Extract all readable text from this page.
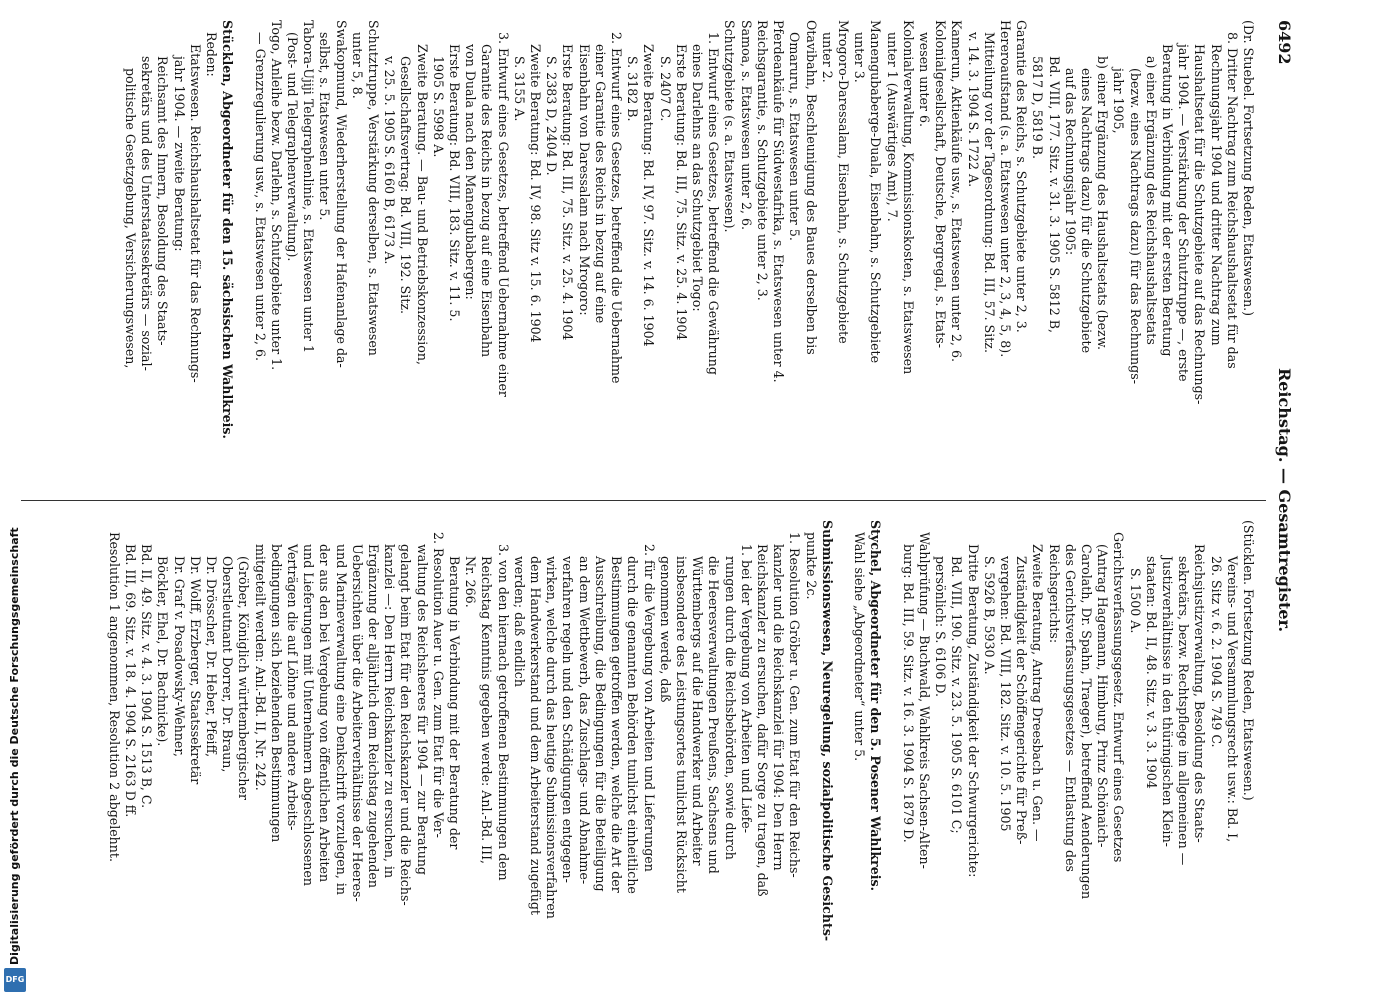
6492
Reichstag. — Gesamtregister.
(Dr. Stuebel. Fortsetzung Reden, Etatswesen.)
8. Dritter Nachtrag zum Reichshaushaltsetat für das
Rechnungsjahr 1904 und dritter Nachtrag zum
Haushaltsetat für die Schutzgebiete auf das Rechnungs-
jahr 1904. — Verstärkung der Schutztruppe —, erste
Beratung in Verbindung mit der ersten Beratung
a) einer Ergänzung des Reichshaushaltsetats
(bezw. eines Nachtrags dazu) für das Rechnungs-
jahr 1905,
b) einer Ergänzung des Haushaltsetats (bezw.
eines Nachtrags dazu) für die Schutzgebiete
auf das Rechnungsjahr 1905:
Bd. VIII, 177. Sitz. v. 31. 3. 1905 S. 5812 B,
5817 D, 5819 B.
Garantie des Reichs, s. Schutzgebiete unter 2, 3.
Hereroaufstand (s. a. Etatswesen unter 2, 3, 4, 5, 8).
Mitteilung vor der Tagesordnung: Bd. III, 57. Sitz.
v. 14. 3. 1904 S. 1722 A.
Kamerun, Aktienkäufe usw., s. Etatswesen unter 2, 6.
Kolonialgesellschaft, Deutsche, Bergregal, s. Etats-
wesen unter 6.
Kolonialverwaltung, Kommissionskosten, s. Etatswesen
unter 1 (Auswärtiges Amt), 7.
Manengubaberge-Duala, Eisenbahn, s. Schutzgebiete
unter 3.
Mrogoro-Daressalam, Eisenbahn, s. Schutzgebiete
unter 2.
Otavibahn, Beschleunigung des Baues derselben bis
Omaruru, s. Etatswesen unter 5.
Pferdeankäufe für Südwestafrika, s. Etatswesen unter 4.
Reichsgarantie, s. Schutzgebiete unter 2, 3.
Samoa, s. Etatswesen unter 2, 6.
Schutzgebiete (s. a. Etatswesen).
1. Entwurf eines Gesetzes, betreffend die Gewährung
eines Darlehns an das Schutzgebiet Togo:
Erste Beratung: Bd. III, 75. Sitz. v. 25. 4. 1904
S. 2407 C.
Zweite Beratung: Bd. IV, 97. Sitz. v. 14. 6. 1904
S. 3182 B.
2. Entwurf eines Gesetzes, betreffend die Uebernahme
einer Garantie des Reichs in bezug auf eine
Eisenbahn von Daressalam nach Mrogoro:
Erste Beratung: Bd. III, 75. Sitz. v. 25. 4. 1904
S. 2383 D, 2404 D.
Zweite Beratung: Bd. IV, 98. Sitz v. 15. 6. 1904
S. 3155 A.
3. Entwurf eines Gesetzes, betreffend Uebernahme einer
Garantie des Reichs in bezug auf eine Eisenbahn
von Duala nach den Manengubabergen:
Erste Beratung: Bd. VIII, 183. Sitz. v. 11. 5.
1905 S. 5998 A.
Zweite Beratung. — Bau- und Betriebskonzession,
Gesellschaftsvertrag: Bd. VIII, 192. Sitz.
v. 25. 5. 1905 S. 6160 B, 6173 A.
Schutztruppe, Verstärkung derselben, s. Etatswesen
unter 5, 8.
Swakopmund, Wiederherstellung der Hafenanlage da-
selbst, s. Etatswesen unter 5.
Tabora-Ujiji Telegraphenlinie, s. Etatswesen unter 1
(Post- und Telegraphenverwaltung).
Togo, Anleihe bezw. Darlehn, s. Schutzgebiete unter 1.
— Grenzregulierung usw., s. Etatswesen unter 2, 6.
Stücklen, Abgeordneter für den 15. sächsischen Wahlkreis.
Reden:
Etatswesen. Reichshaushaltsetat für das Rechnungs-
jahr 1904. — zweite Beratung:
Reichsamt des Innern, Besoldung des Staats-
sekretärs und des Unterstaatssekretärs — sozial-
politische Gesetzgebung, Versicherungswesen,
(Stücklen. Fortsetzung Reden, Etatswesen.)
Vereins- und Versammlungsrecht usw.: Bd. I,
26. Sitz v. 6. 2. 1904 S. 749 C.
Reichsjustizverwaltung, Besoldung des Staats-
sekretärs, bezw. Rechtspflege im allgemeinen —
Justizverhältnisse in den thüringischen Klein-
staaten: Bd. II, 48. Sitz. v. 3. 3. 1904
S. 1500 A.
Gerichtsverfassungsgesetz. Entwurf eines Gesetzes
(Antrag Hagemann, Himburg, Prinz Schönaich-
Carolath, Dr. Spahn, Traeger), betreffend Aenderungen
des Gerichtsverfassungsgesetzes — Entlastung des
Reichsgerichts:
Zweite Beratung, Antrag Dreesbach u. Gen. —
Zuständigkeit der Schöffengerichte für Preß-
vergehen: Bd. VIII, 182. Sitz. v. 10. 5. 1905
S. 5926 B, 5930 A.
Dritte Beratung, Zuständigkeit der Schwurgerichte:
Bd. VIII, 190. Sitz. v. 23. 5. 1905 S. 6101 C;
persönlich: S. 6106 D.
Wahlprüfung — Buchwald, Wahlkreis Sachsen-Alten-
burg: Bd. III, 59. Sitz. v. 16. 3. 1904 S. 1879 D.
Stychel, Abgeordneter für den 5. Posener Wahlkreis.
Wahl siehe „Abgeordneter“ unter 5.
Submissionswesen, Neuregelung, sozialpolitische Gesichts-
punkte 2c.
1. Resolution Gröber u. Gen. zum Etat für den Reichs-
kanzler und die Reichskanzlei für 1904: Den Herrn
Reichskanzler zu ersuchen, dafür Sorge zu tragen, daß
1. bei der Vergebung von Arbeiten und Liefe-
rungen durch die Reichsbehörden, sowie durch
die Heeresverwaltungen Preußens, Sachsens und
Württembergs auf die Handwerker und Arbeiter
insbesondere des Leistungsortes tunlichst Rücksicht
genommen werde, daß
2. für die Vergebung von Arbeiten und Lieferungen
durch die genannten Behörden tunlichst einheitliche
Bestimmungen getroffen werden, welche die Art der
Ausschreibung, die Bedingungen für die Beteiligung
an dem Wettbewerb, das Zuschlags- und Abnahme-
verfahren regeln und den Schädigungen entgegen-
wirken, welche durch das heutige Submissionsverfahren
dem Handwerkerstand und dem Arbeiterstand zugefügt
werden; daß endlich
3. von den hiernach getroffenen Bestimmungen dem
Reichstag Kenntnis gegeben werde: Anl.-Bd. III,
Nr. 266.
Beratung in Verbindung mit der Beratung der
2. Resolution Auer u. Gen. zum Etat für die Ver-
waltung des Reichsheeres für 1904 — zur Beratung
gelangt beim Etat für den Reichskanzler und die Reichs-
kanzlei —: Den Herrn Reichskanzler zu ersuchen, in
Ergänzung der alljährlich dem Reichstag zugehenden
Uebersichten über die Arbeiterverhältnisse der Heeres-
und Marineverwaltung eine Denkschrift vorzulegen, in
der aus den bei Vergebung von öffentlichen Arbeiten
und Lieferungen mit Unternehmern abgeschlossenen
Verträgen die auf Löhne und andere Arbeits-
bedingungen sich beziehenden Bestimmungen
mitgeteilt werden: Anl.-Bd. II, Nr. 242.
(Gröber, Königlich württembergischer
Oberstleutnant Dorrer, Dr. Braun,
Dr. Drösscher, Dr. Heber, Pfeiff,
Dr. Wolff, Erzberger, Staatssekretär
Dr. Graf v. Posadowsky-Wehner,
Böckler, Ehel, Dr. Bachnicke).
Bd. II, 49. Sitz. v. 4. 3. 1904 S. 1513 B, C.
Bd. III, 69. Sitz. v. 18. 4. 1904 S. 2163 D ff.
Resolution 1 angenommen, Resolution 2 abgelehnt.
Digitalisierung gefördert durch die Deutsche Forschungsgemeinschaft
DFG
